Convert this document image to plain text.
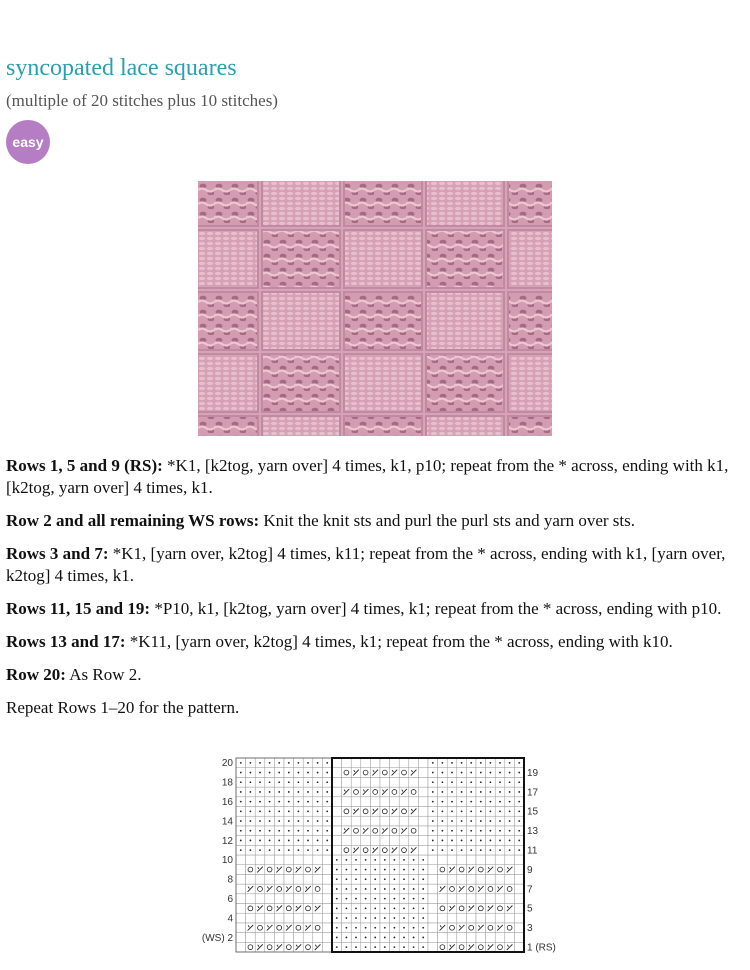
syncopated lace squares
(multiple of 20 stitches plus 10 stitches)
easy

Rows 1, 5 and 9 (RS): *K1, [k2tog, yarn over] 4 times, k1, p10; repeat from the * across, ending with k1, [k2tog, yarn over] 4 times, k1.

Row 2 and all remaining WS rows: Knit the knit sts and purl the purl sts and yarn over sts.

Rows 3 and 7: *K1, [yarn over, k2tog] 4 times, k11; repeat from the * across, ending with k1, [yarn over, k2tog] 4 times, k1.

Rows 11, 15 and 19: *P10, k1, [k2tog, yarn over] 4 times, k1; repeat from the * across, ending with p10.

Rows 13 and 17: *K11, [yarn over, k2tog] 4 times, k1; repeat from the * across, ending with k10.

Row 20: As Row 2.

Repeat Rows 1–20 for the pattern.

20
18
16
14
12
10
8
6
4
(WS) 2
19
17
15
13
11
9
7
5
3
1 (RS)
